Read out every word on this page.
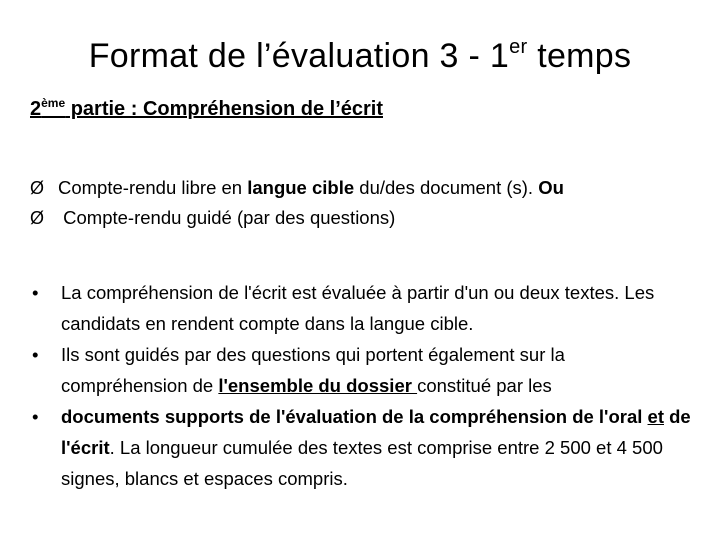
Format de l’évaluation 3 - 1er temps
2ème partie : Compréhension de l’écrit
Ø Compte-rendu libre en langue cible du/des document (s). Ou
Ø Compte-rendu guidé (par des questions)
•	La compréhension de l'écrit est évaluée à partir d'un ou deux textes. Les candidats en rendent compte dans la langue cible.
•	Ils sont guidés par des questions qui portent également sur la compréhension de l'ensemble du dossier constitué par les
•	documents supports de l'évaluation de la compréhension de l'oral et de l'écrit. La longueur cumulée des textes est comprise entre 2 500 et 4 500 signes, blancs et espaces compris.
